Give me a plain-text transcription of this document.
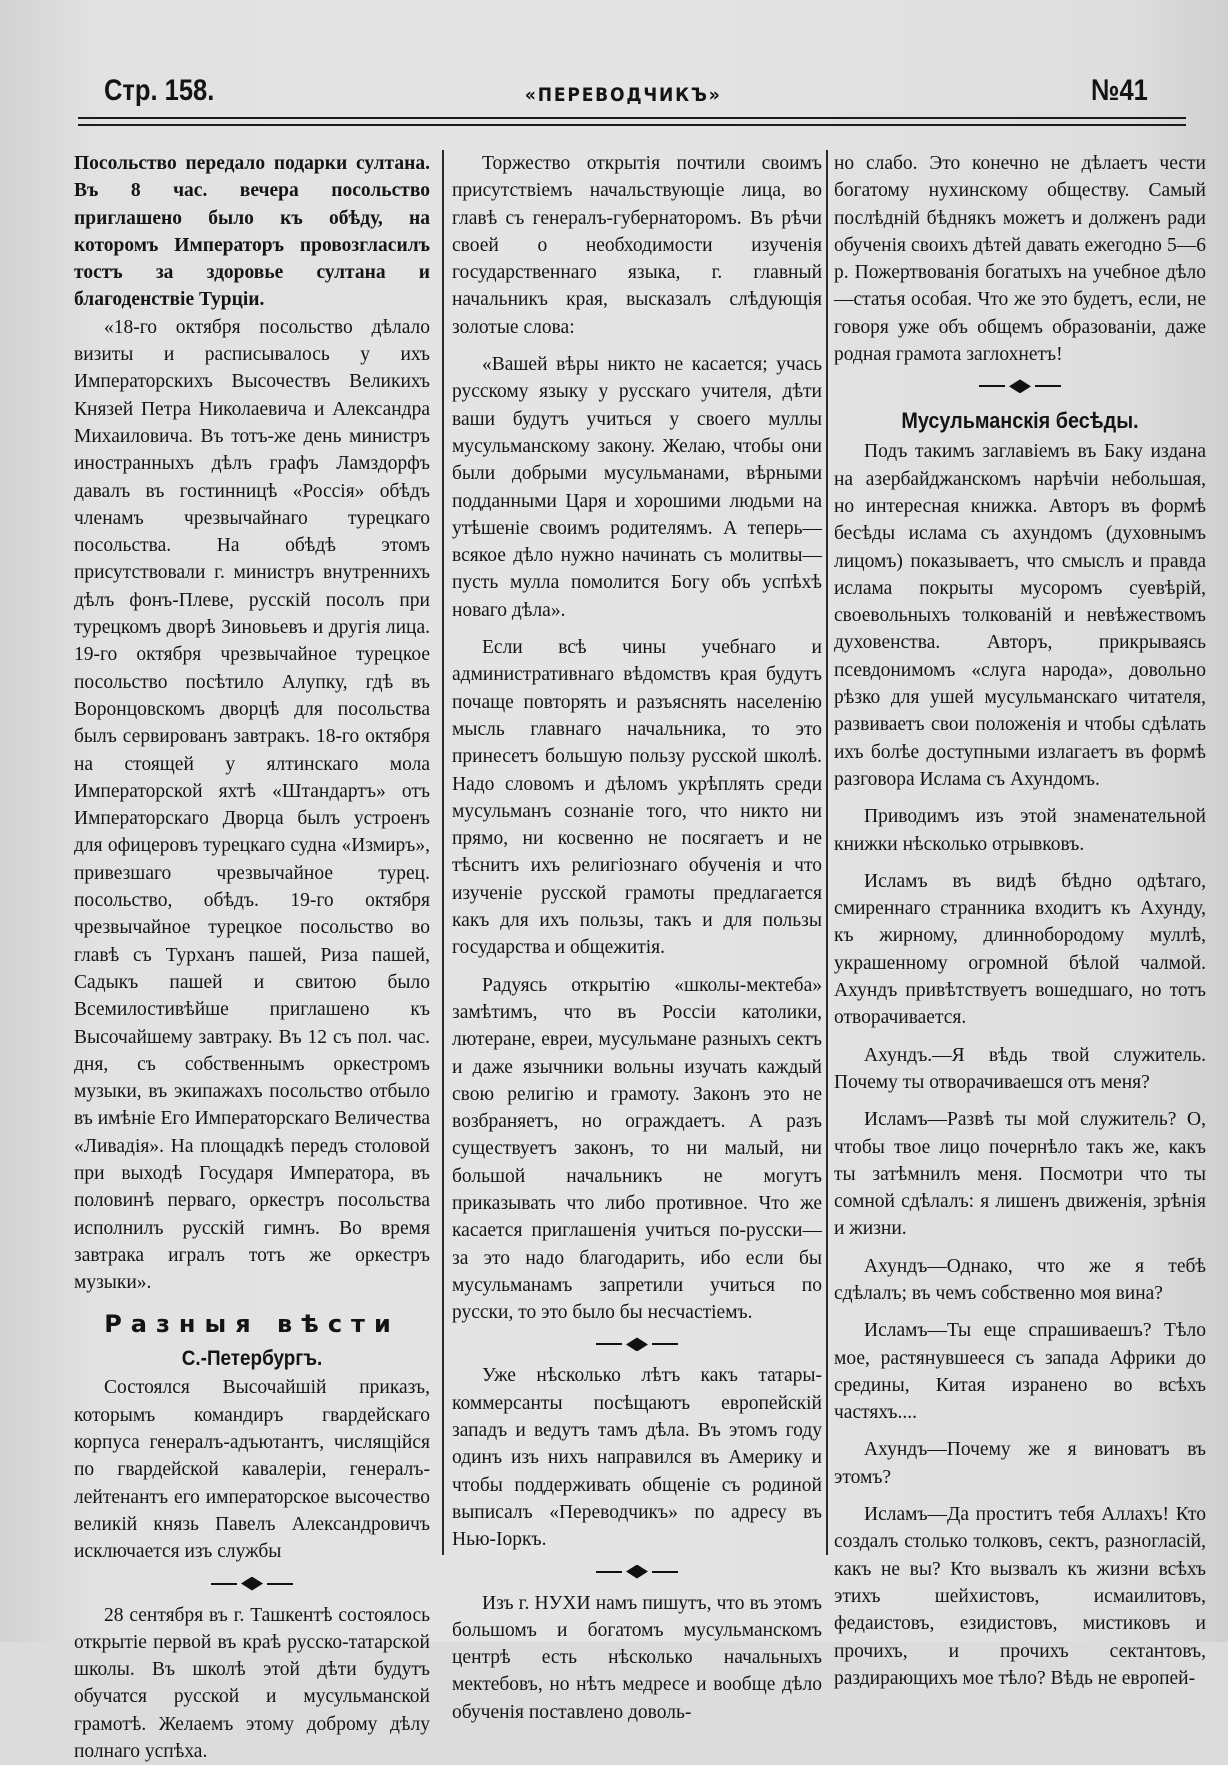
Стр. 158.	«ПЕРЕВОДЧИКЪ»	№41

Посольство передало подарки султана. Въ 8 час. вечера посольство приглашено было къ обѣду, на которомъ Императоръ провозгласилъ тостъ за здоровье султана и благоденствіе Турціи.

«18-го октября посольство дѣлало визиты и расписывалось у ихъ Императорскихъ Высочествъ Великихъ Князей Петра Николаевича и Александра Михаиловича. Въ тотъ-же день министръ иностранныхъ дѣлъ графъ Ламздорфъ давалъ въ гостинницѣ «Россія» обѣдъ членамъ чрезвычайнаго турецкаго посольства. На обѣдѣ этомъ присутствовали г. министръ внутреннихъ дѣлъ фонъ-Плеве, русскій посолъ при турецкомъ дворѣ Зиновьевъ и другія лица. 19-го октября чрезвычайное турецкое посольство посѣтило Алупку, гдѣ въ Воронцовскомъ дворцѣ для посольства былъ сервированъ завтракъ. 18-го октября на стоящей у ялтинскаго мола Императорской яхтѣ «Штандартъ» отъ Императорскаго Дворца былъ устроенъ для офицеровъ турецкаго судна «Измиръ», привезшаго чрезвычайное турец. посольство, обѣдъ. 19-го октября чрезвычайное турецкое посольство во главѣ съ Турханъ пашей, Риза пашей, Садыкъ пашей и свитою было Всемилостивѣйше приглашено къ Высочайшему завтраку. Въ 12 съ пол. час. дня, съ собственнымъ оркестромъ музыки, въ экипажахъ посольство отбыло въ имѣніе Его Императорскаго Величества «Ливадія». На площадкѣ передъ столовой при выходѣ Государя Императора, въ половинѣ перваго, оркестръ посольства исполнилъ русскій гимнъ. Во время завтрака игралъ тотъ же оркестръ музыки».

Разныя вѣсти
С.-Петербургъ.

Состоялся Высочайшій приказъ, которымъ командиръ гвардейскаго корпуса генералъ-адъютантъ, числящійся по гвардейской кавалеріи, генералъ-лейтенантъ его императорское высочество великій князь Павелъ Александровичъ исключается изъ службы

28 сентября въ г. Ташкентѣ состоялось открытіе первой въ краѣ русско-татарской школы. Въ школѣ этой дѣти будутъ обучатся русской и мусульманской грамотѣ. Желаемъ этому доброму дѣлу полнаго успѣха.

Торжество открытія почтили своимъ присутствіемъ начальствующіе лица, во главѣ съ генералъ-губернаторомъ. Въ рѣчи своей о необходимости изученія государственнаго языка, г. главный начальникъ края, высказалъ слѣдующія золотые слова:

«Вашей вѣры никто не касается; учась русскому языку у русскаго учителя, дѣти ваши будутъ учиться у своего муллы мусульманскому закону. Желаю, чтобы они были добрыми мусульманами, вѣрными подданными Царя и хорошими людьми на утѣшеніе своимъ родителямъ. А теперь—всякое дѣло нужно начинать съ молитвы—пусть мулла помолится Богу объ успѣхѣ новаго дѣла».

Если всѣ чины учебнаго и административнаго вѣдомствъ края будутъ почаще повторять и разъяснять населенію мысль главнаго начальника, то это принесетъ большую пользу русской школѣ. Надо словомъ и дѣломъ укрѣплять среди мусульманъ сознаніе того, что никто ни прямо, ни косвенно не посягаетъ и не тѣснитъ ихъ религіознаго обученія и что изученіе русской грамоты предлагается какъ для ихъ пользы, такъ и для пользы государства и общежитія.

Радуясь открытію «школы-мектеба» замѣтимъ, что въ Россіи католики, лютеране, евреи, мусульмане разныхъ сектъ и даже язычники вольны изучать каждый свою религію и грамоту. Законъ это не возбраняетъ, но ограждаетъ. А разъ существуетъ законъ, то ни малый, ни большой начальникъ не могутъ приказывать что либо противное. Что же касается приглашенія учиться по-русски—за это надо благодарить, ибо если бы мусульманамъ запретили учиться по русски, то это было бы несчастіемъ.

Уже нѣсколько лѣтъ какъ татары-коммерсанты посѣщаютъ европейскій западъ и ведутъ тамъ дѣла. Въ этомъ году одинъ изъ нихъ направился въ Америку и чтобы поддерживать общеніе съ родиной выписалъ «Переводчикъ» по адресу въ Нью-Іоркъ.

Изъ г. НУХИ намъ пишутъ, что въ этомъ большомъ и богатомъ мусульманскомъ центрѣ есть нѣсколько начальныхъ мектебовъ, но нѣтъ медресе и вообще дѣло обученія поставлено доволь-

но слабо. Это конечно не дѣлаетъ чести богатому нухинскому обществу. Самый послѣдній бѣднякъ можетъ и долженъ ради обученія своихъ дѣтей давать ежегодно 5—6 р. Пожертвованія богатыхъ на учебное дѣло—статья особая. Что же это будетъ, если, не говоря уже объ общемъ образованіи, даже родная грамота заглохнетъ!

Мусульманскія бесѣды.

Подъ такимъ заглавіемъ въ Баку издана на азербайджанскомъ нарѣчіи небольшая, но интересная книжка. Авторъ въ формѣ бесѣды ислама съ ахундомъ (духовнымъ лицомъ) показываетъ, что смыслъ и правда ислама покрыты мусоромъ суевѣрій, своевольныхъ толкованій и невѣжествомъ духовенства. Авторъ, прикрываясь псевдонимомъ «слуга народа», довольно рѣзко для ушей мусульманскаго читателя, развиваетъ свои положенія и чтобы сдѣлать ихъ болѣе доступными излагаетъ въ формѣ разговора Ислама съ Ахундомъ.

Приводимъ изъ этой знаменательной книжки нѣсколько отрывковъ.

Исламъ въ видѣ бѣдно одѣтаго, смиреннаго странника входитъ къ Ахунду, къ жирному, длиннобородому муллѣ, украшенному огромной бѣлой чалмой. Ахундъ привѣтствуетъ вошедшаго, но тотъ отворачивается.

Ахундъ.—Я вѣдь твой служитель. Почему ты отворачиваешся отъ меня?

Исламъ—Развѣ ты мой служитель? О, чтобы твое лицо почернѣло такъ же, какъ ты затѣмнилъ меня. Посмотри что ты сомной сдѣлалъ: я лишенъ движенія, зрѣнія и жизни.

Ахундъ—Однако, что же я тебѣ сдѣлалъ; въ чемъ собственно моя вина?

Исламъ—Ты еще спрашиваешъ? Тѣло мое, растянувшееся съ запада Африки до средины, Китая изранено во всѣхъ частяхъ....

Ахундъ—Почему же я виноватъ въ этомъ?

Исламъ—Да проститъ тебя Аллахъ! Кто создалъ столько толковъ, сектъ, разногласій, какъ не вы? Кто вызвалъ къ жизни всѣхъ этихъ шейхистовъ, исмаилитовъ, федаистовъ, езидистовъ, мистиковъ и прочихъ, и прочихъ сектантовъ, раздирающихъ мое тѣло? Вѣдь не европей-
